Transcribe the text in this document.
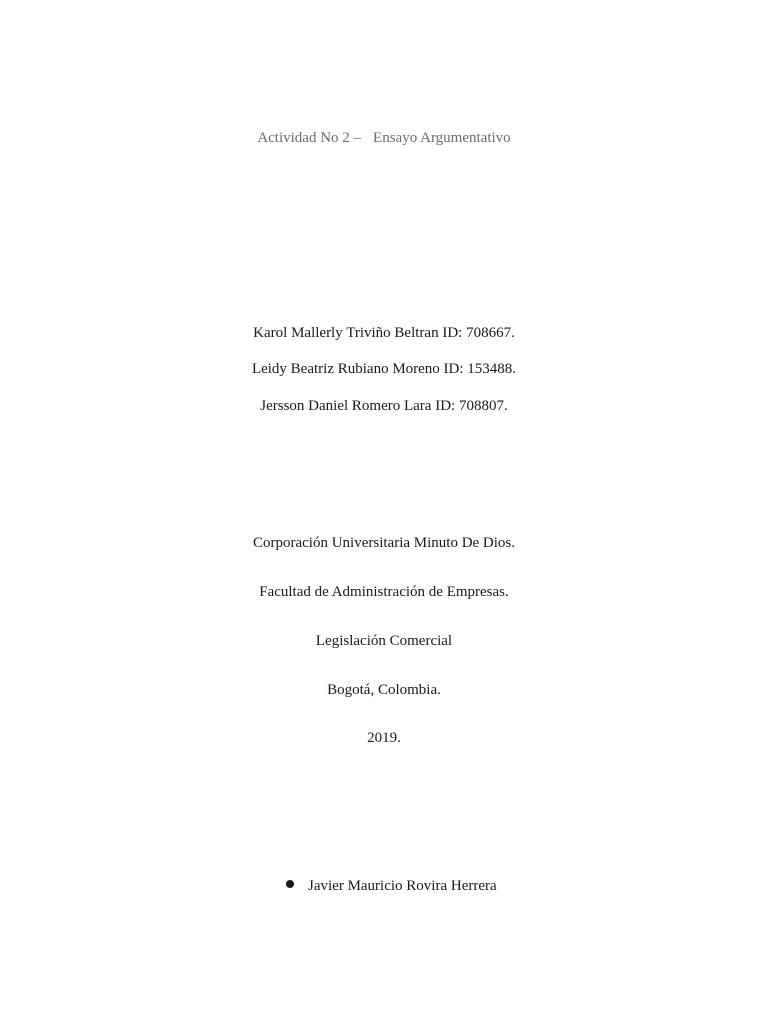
Actividad No 2 – Ensayo Argumentativo
Karol Mallerly Triviño Beltran ID: 708667.
Leidy Beatriz Rubiano Moreno ID: 153488.
Jersson Daniel Romero Lara ID: 708807.
Corporación Universitaria Minuto De Dios.
Facultad de Administración de Empresas.
Legislación Comercial
Bogotá, Colombia.
2019.
Javier Mauricio Rovira Herrera
